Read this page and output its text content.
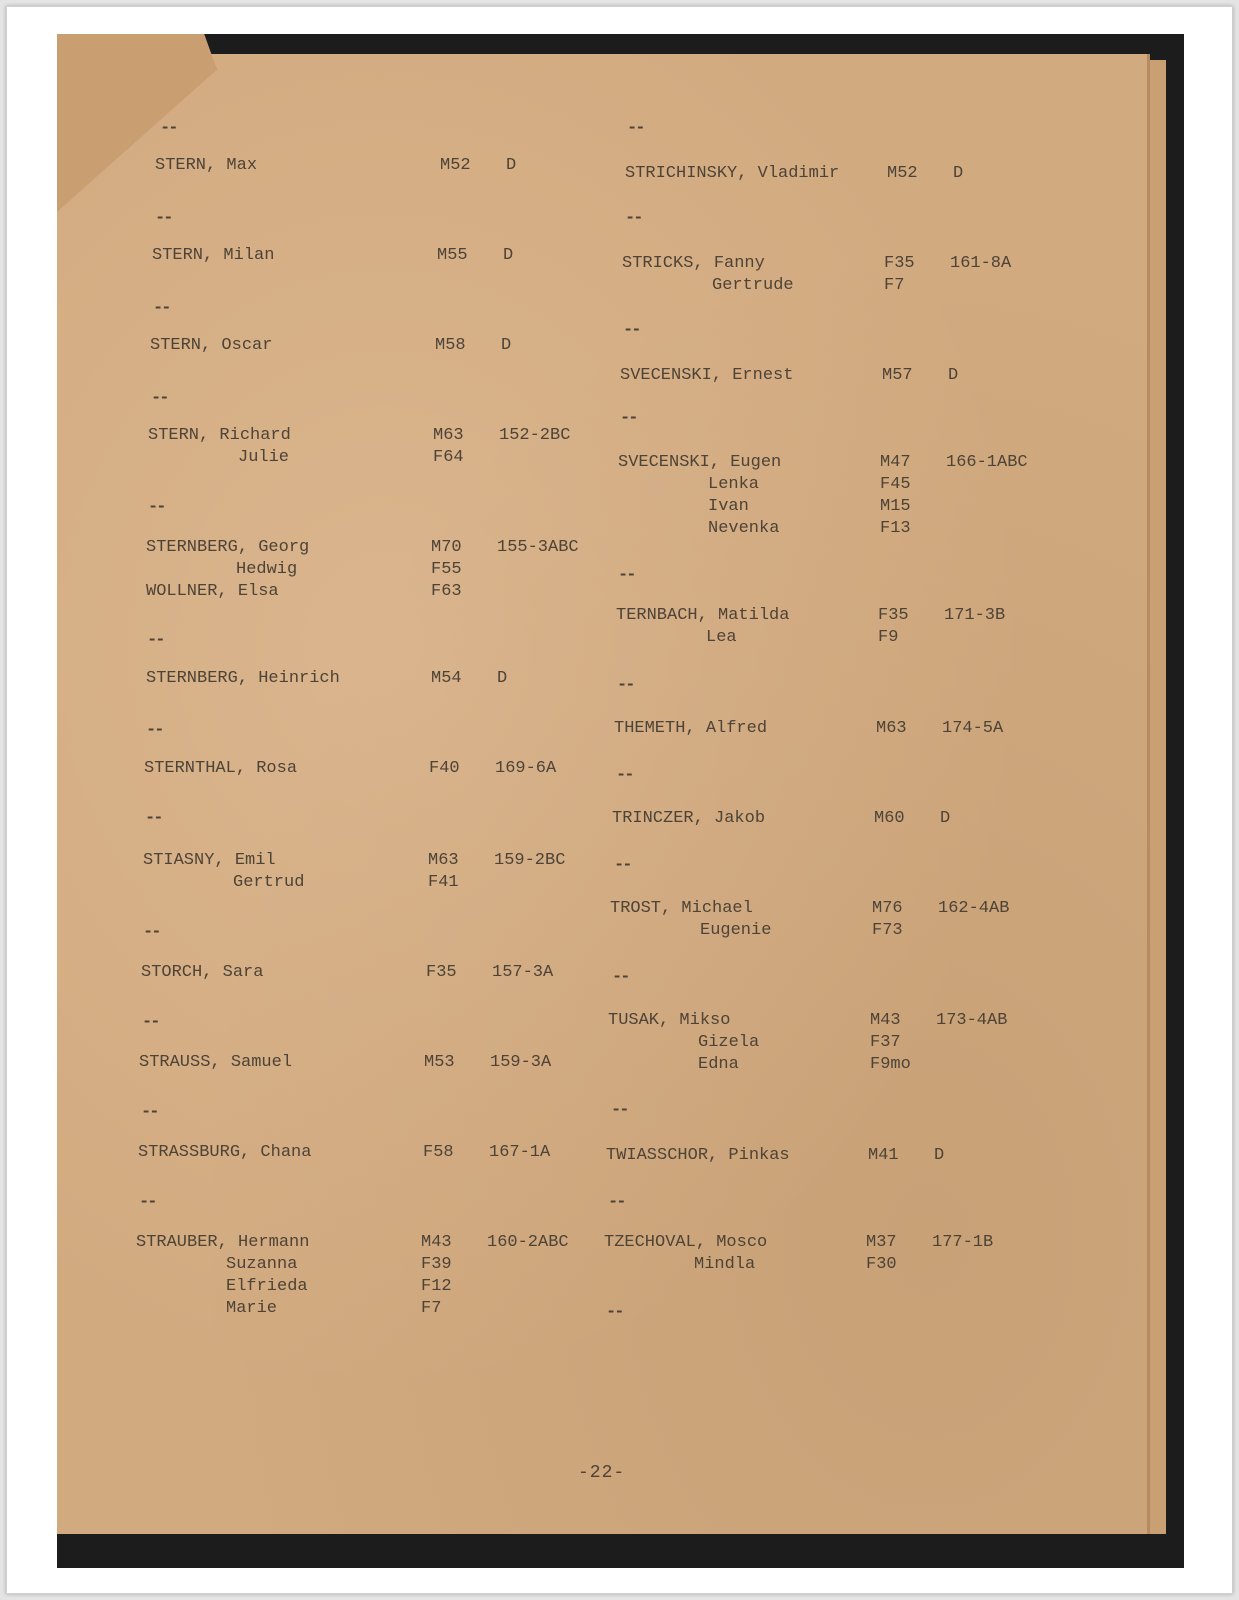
--
--
--
--
--
--
--
--
--
--
--
--
STERN, Max	M52	D
STERN, Milan	M55	D
STERN, Oscar	M58	D
STERN, Richard	M63	152-2BC
Julie	F64
STERNBERG, Georg	M70	155-3ABC
Hedwig	F55
WOLLNER, Elsa	F63
STERNBERG, Heinrich	M54	D
STERNTHAL, Rosa	F40	169-6A
STIASNY, Emil	M63	159-2BC
Gertrud	F41
STORCH, Sara	F35	157-3A
STRAUSS, Samuel	M53	159-3A
STRASSBURG, Chana	F58	167-1A
STRAUBER, Hermann	M43	160-2ABC
Suzanna	F39
Elfrieda	F12
Marie	F7
--
--
--
--
--
--
--
--
--
--
--
--
STRICHINSKY, Vladimir	M52	D
STRICKS, Fanny	F35	161-8A
Gertrude	F7
SVECENSKI, Ernest	M57	D
SVECENSKI, Eugen	M47	166-1ABC
Lenka	F45
Ivan	M15
Nevenka	F13
TERNBACH, Matilda	F35	171-3B
Lea	F9
THEMETH, Alfred	M63	174-5A
TRINCZER, Jakob	M60	D
TROST, Michael	M76	162-4AB
Eugenie	F73
TUSAK, Mikso	M43	173-4AB
Gizela	F37
Edna	F9mo
TWIASSCHOR, Pinkas	M41	D
TZECHOVAL, Mosco	M37	177-1B
Mindla	F30
-22-
